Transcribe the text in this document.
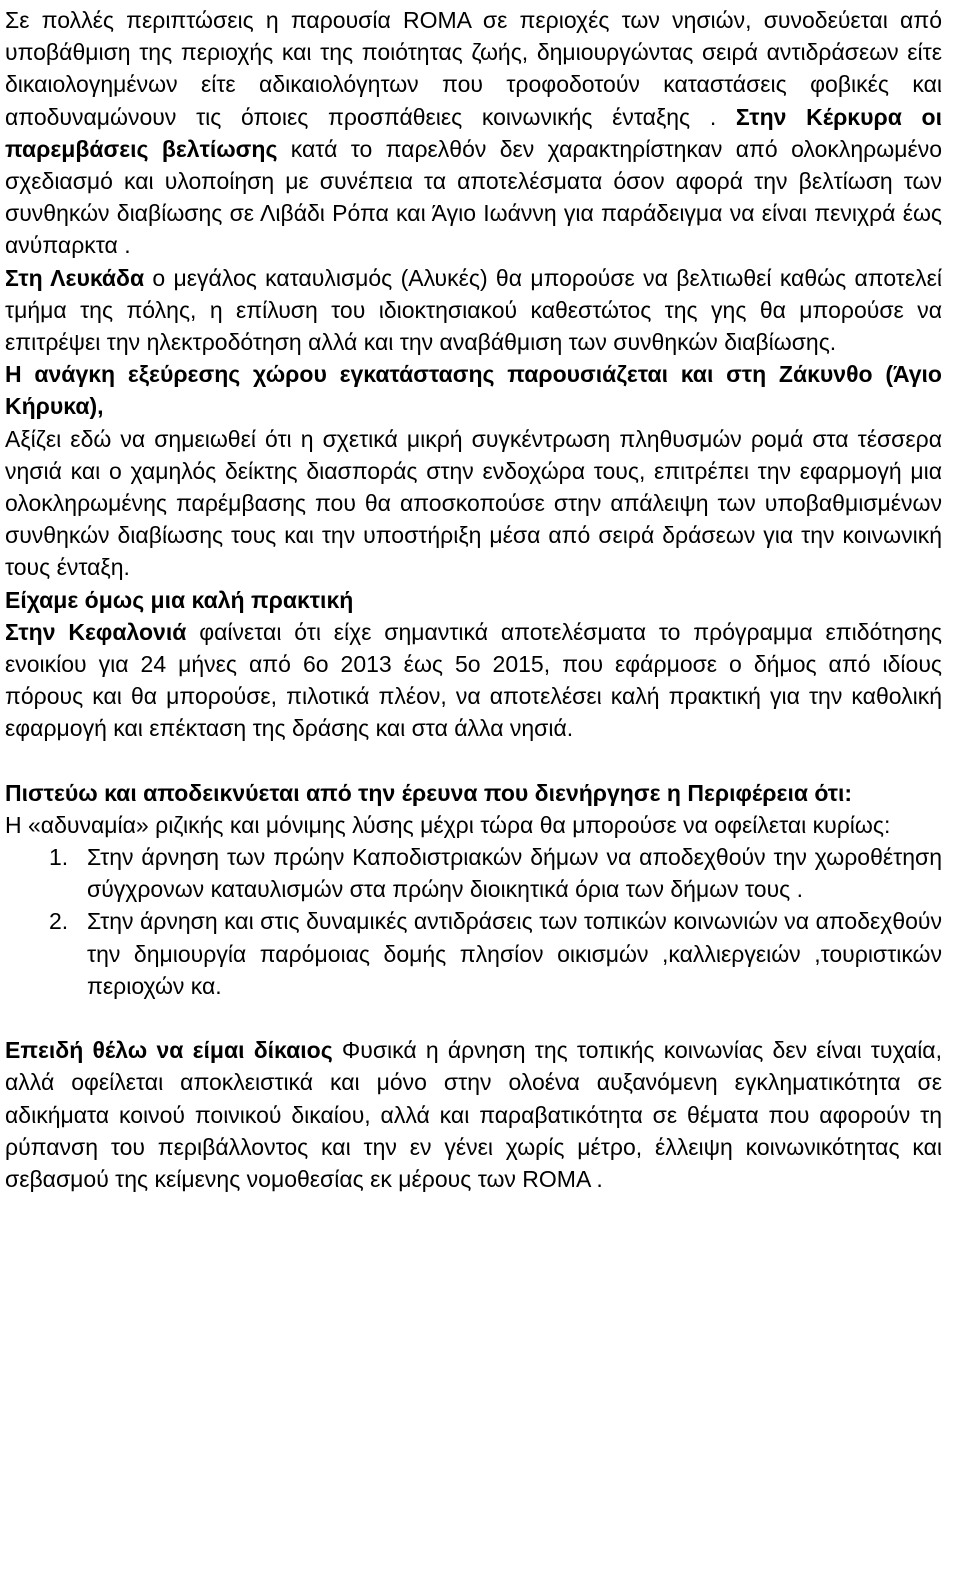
Σε πολλές περιπτώσεις η παρουσία ROMA σε περιοχές των νησιών, συνοδεύεται από υποβάθμιση της περιοχής και της ποιότητας ζωής, δημιουργώντας σειρά αντιδράσεων είτε δικαιολογημένων είτε αδικαιολόγητων που τροφοδοτούν καταστάσεις φοβικές και αποδυναμώνουν τις όποιες προσπάθειες κοινωνικής ένταξης . Στην Κέρκυρα οι παρεμβάσεις βελτίωσης κατά το παρελθόν δεν χαρακτηρίστηκαν από ολοκληρωμένο σχεδιασμό και υλοποίηση με συνέπεια τα αποτελέσματα όσον αφορά την βελτίωση των συνθηκών διαβίωσης σε Λιβάδι Ρόπα και Άγιο Ιωάννη για παράδειγμα να είναι πενιχρά έως ανύπαρκτα .

Στη Λευκάδα ο μεγάλος καταυλισμός (Αλυκές) θα μπορούσε να βελτιωθεί καθώς αποτελεί τμήμα της πόλης, η επίλυση του ιδιοκτησιακού καθεστώτος της γης θα μπορούσε να επιτρέψει την ηλεκτροδότηση αλλά και την αναβάθμιση των συνθηκών διαβίωσης.

Η ανάγκη εξεύρεσης χώρου εγκατάστασης παρουσιάζεται και στη Ζάκυνθο (Άγιο Κήρυκα),

Αξίζει εδώ να σημειωθεί ότι η σχετικά μικρή συγκέντρωση πληθυσμών ρομά στα τέσσερα νησιά και ο χαμηλός δείκτης διασποράς στην ενδοχώρα τους, επιτρέπει την εφαρμογή μια ολοκληρωμένης παρέμβασης που θα αποσκοπούσε στην απάλειψη των υποβαθμισμένων συνθηκών διαβίωσης τους και την υποστήριξη μέσα από σειρά δράσεων για την κοινωνική τους ένταξη.

Είχαμε όμως μια καλή πρακτική

Στην Κεφαλονιά φαίνεται ότι είχε σημαντικά αποτελέσματα το πρόγραμμα επιδότησης ενοικίου για 24 μήνες από 6ο 2013 έως 5ο 2015, που εφάρμοσε ο δήμος από ιδίους πόρους και θα μπορούσε, πιλοτικά πλέον, να αποτελέσει καλή πρακτική για την καθολική εφαρμογή και επέκταση της δράσης και στα άλλα νησιά.

Πιστεύω και αποδεικνύεται από την έρευνα που διενήργησε η Περιφέρεια ότι:

Η «αδυναμία» ριζικής και μόνιμης λύσης μέχρι τώρα θα μπορούσε να οφείλεται κυρίως:

1. Στην άρνηση των πρώην Καποδιστριακών δήμων να αποδεχθούν την χωροθέτηση σύγχρονων καταυλισμών στα πρώην διοικητικά όρια των δήμων τους .
2. Στην άρνηση και στις δυναμικές αντιδράσεις των τοπικών κοινωνιών να αποδεχθούν την δημιουργία παρόμοιας δομής πλησίον οικισμών ,καλλιεργειών ,τουριστικών περιοχών κα.

Επειδή θέλω να είμαι δίκαιος Φυσικά η άρνηση της τοπικής κοινωνίας δεν είναι τυχαία, αλλά οφείλεται αποκλειστικά και μόνο στην ολοένα αυξανόμενη εγκληματικότητα σε αδικήματα κοινού ποινικού δικαίου, αλλά και παραβατικότητα σε θέματα που αφορούν τη ρύπανση του περιβάλλοντος και την εν γένει χωρίς μέτρο, έλλειψη κοινωνικότητας και σεβασμού της κείμενης νομοθεσίας εκ μέρους των ROMA .
